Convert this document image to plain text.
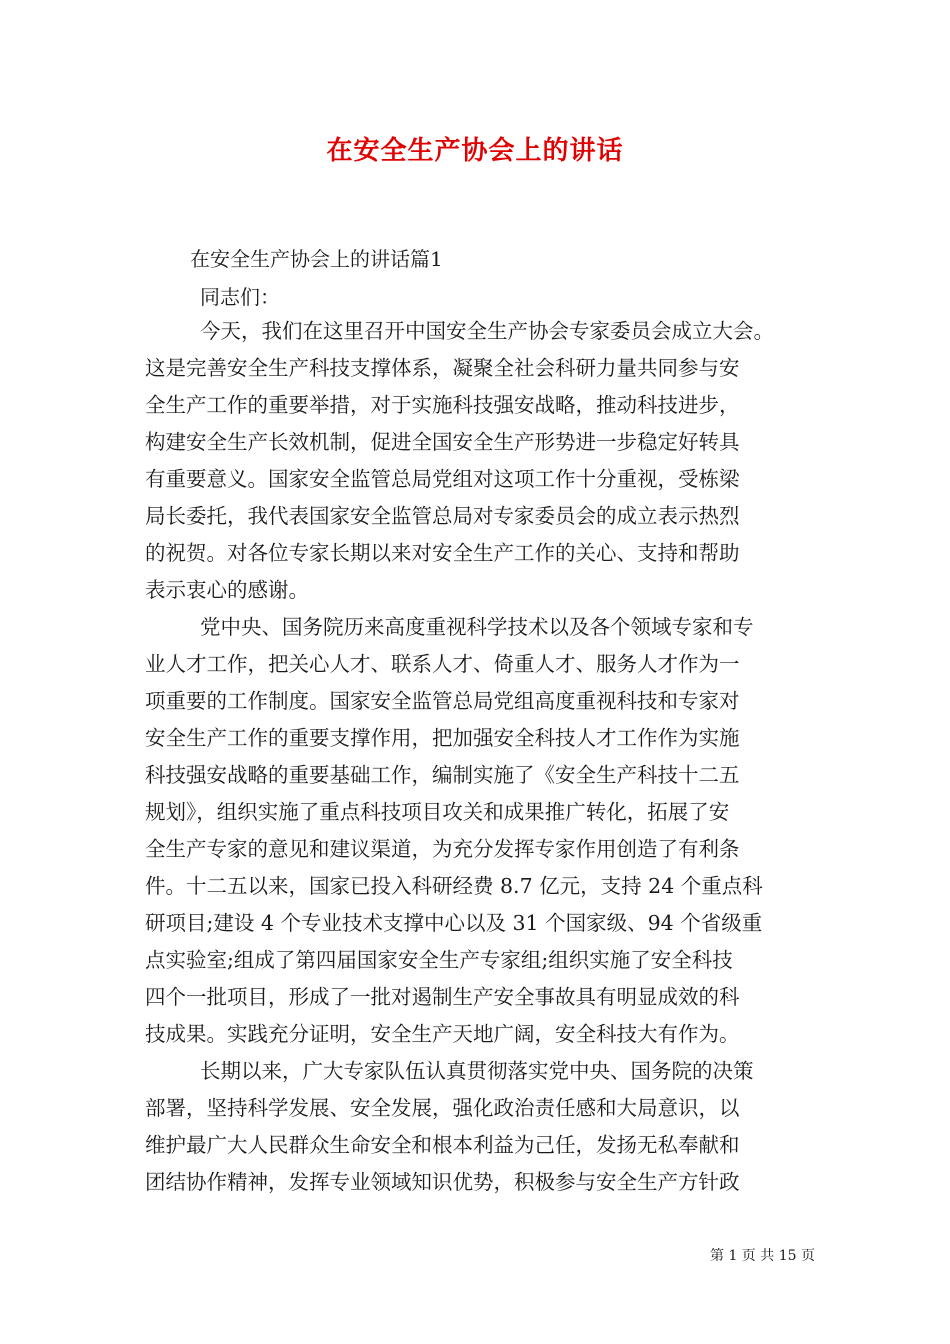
在安全生产协会上的讲话

在安全生产协会上的讲话篇1

同志们：

今天，我们在这里召开中国安全生产协会专家委员会成立大会。

这是完善安全生产科技支撑体系，凝聚全社会科研力量共同参与安

全生产工作的重要举措，对于实施科技强安战略，推动科技进步，

构建安全生产长效机制，促进全国安全生产形势进一步稳定好转具

有重要意义。国家安全监管总局党组对这项工作十分重视，受栋梁

局长委托，我代表国家安全监管总局对专家委员会的成立表示热烈

的祝贺。对各位专家长期以来对安全生产工作的关心、支持和帮助

表示衷心的感谢。

党中央、国务院历来高度重视科学技术以及各个领域专家和专

业人才工作，把关心人才、联系人才、倚重人才、服务人才作为一

项重要的工作制度。国家安全监管总局党组高度重视科技和专家对

安全生产工作的重要支撑作用，把加强安全科技人才工作作为实施

科技强安战略的重要基础工作，编制实施了《安全生产科技十二五

规划》，组织实施了重点科技项目攻关和成果推广转化，拓展了安

全生产专家的意见和建议渠道，为充分发挥专家作用创造了有利条

件。十二五以来，国家已投入科研经费 8.7 亿元，支持 24 个重点科

研项目;建设 4 个专业技术支撑中心以及 31 个国家级、94 个省级重

点实验室;组成了第四届国家安全生产专家组;组织实施了安全科技

四个一批项目，形成了一批对遏制生产安全事故具有明显成效的科

技成果。实践充分证明，安全生产天地广阔，安全科技大有作为。

长期以来，广大专家队伍认真贯彻落实党中央、国务院的决策

部署，坚持科学发展、安全发展，强化政治责任感和大局意识，以

维护最广大人民群众生命安全和根本利益为己任，发扬无私奉献和

团结协作精神，发挥专业领域知识优势，积极参与安全生产方针政

第 1 页 共 15 页
